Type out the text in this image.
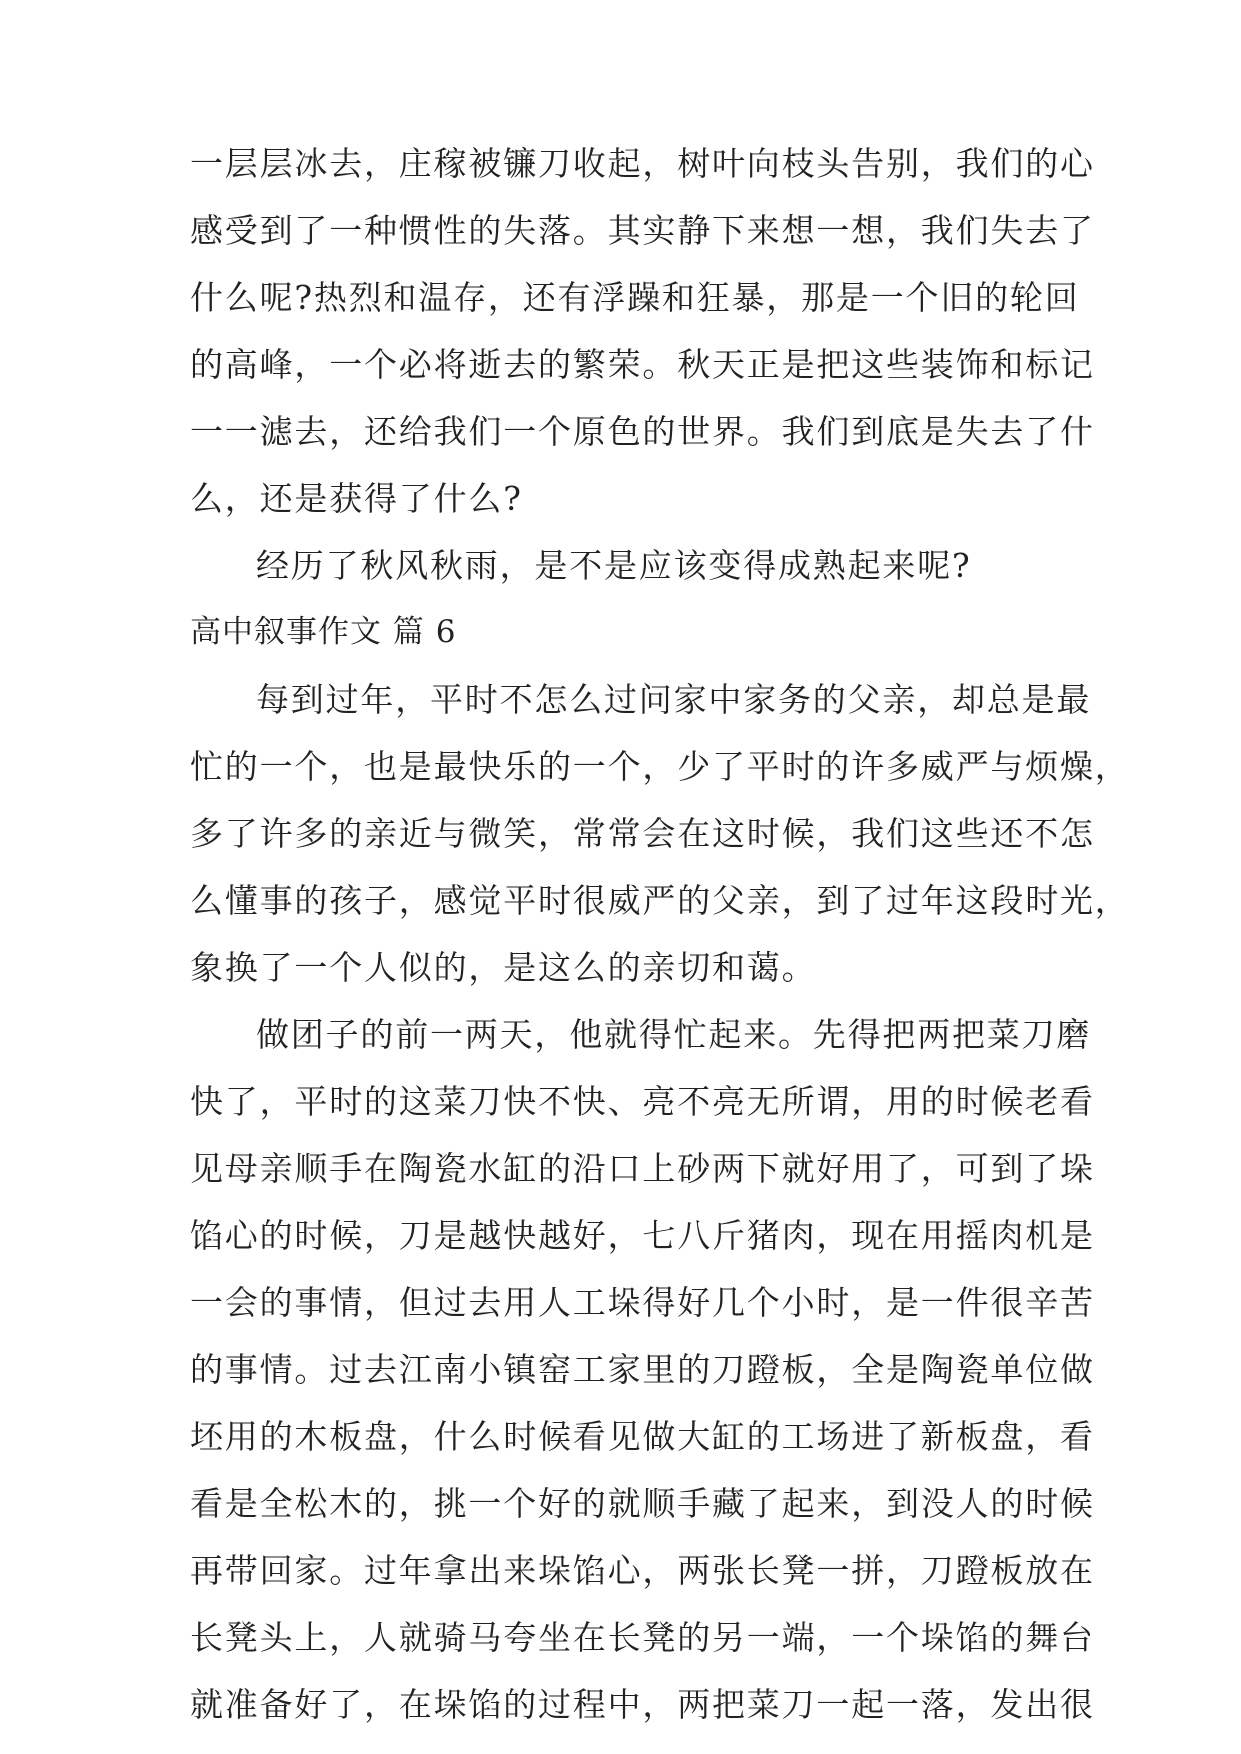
一层层冰去，庄稼被镰刀收起，树叶向枝头告别，我们的心
感受到了一种惯性的失落。其实静下来想一想，我们失去了
什么呢?热烈和温存，还有浮躁和狂暴，那是一个旧的轮回
的高峰，一个必将逝去的繁荣。秋天正是把这些装饰和标记
一一滤去，还给我们一个原色的世界。我们到底是失去了什
么，还是获得了什么?
经历了秋风秋雨，是不是应该变得成熟起来呢?
高中叙事作文 篇 6
每到过年，平时不怎么过问家中家务的父亲，却总是最
忙的一个，也是最快乐的一个，少了平时的许多威严与烦燥，
多了许多的亲近与微笑，常常会在这时候，我们这些还不怎
么懂事的孩子，感觉平时很威严的父亲，到了过年这段时光，
象换了一个人似的，是这么的亲切和蔼。
做团子的前一两天，他就得忙起来。先得把两把菜刀磨
快了，平时的这菜刀快不快、亮不亮无所谓，用的时候老看
见母亲顺手在陶瓷水缸的沿口上砂两下就好用了，可到了垛
馅心的时候，刀是越快越好，七八斤猪肉，现在用摇肉机是
一会的事情，但过去用人工垛得好几个小时，是一件很辛苦
的事情。过去江南小镇窑工家里的刀蹬板，全是陶瓷单位做
坯用的木板盘，什么时候看见做大缸的工场进了新板盘，看
看是全松木的，挑一个好的就顺手藏了起来，到没人的时候
再带回家。过年拿出来垛馅心，两张长凳一拼，刀蹬板放在
长凳头上，人就骑马夸坐在长凳的另一端，一个垛馅的舞台
就准备好了，在垛馅的过程中，两把菜刀一起一落，发出很
